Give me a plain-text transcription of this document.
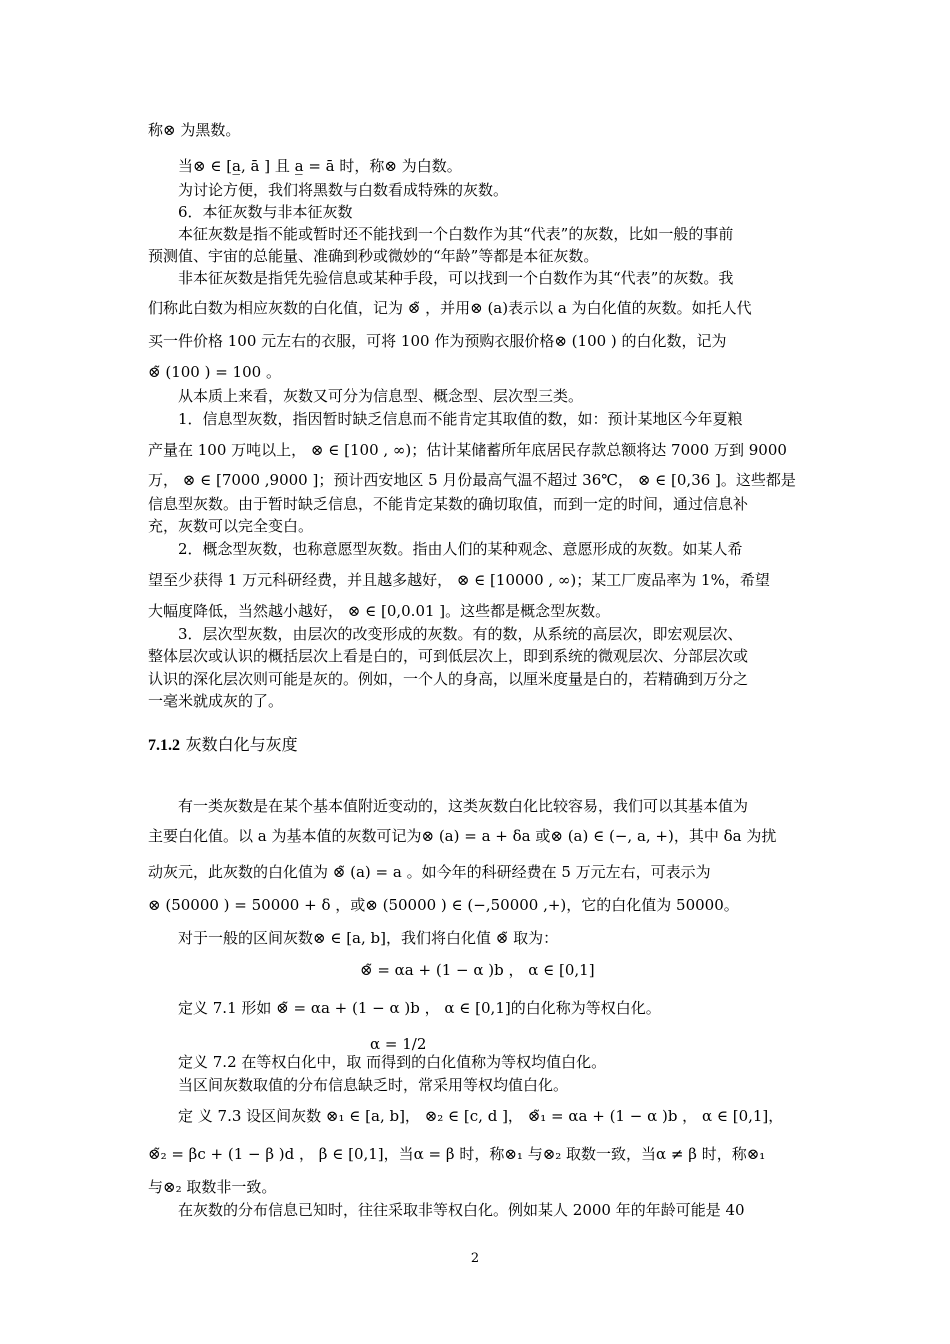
称⊗ 为黑数。
当⊗ ∈ [a̲, ā ] 且 a̲ = ā 时，称⊗ 为白数。
为讨论方便，我们将黑数与白数看成特殊的灰数。
6．本征灰数与非本征灰数
本征灰数是指不能或暂时还不能找到一个白数作为其“代表”的灰数，比如一般的事前
预测值、宇宙的总能量、准确到秒或微妙的“年龄”等都是本征灰数。
非本征灰数是指凭先验信息或某种手段，可以找到一个白数作为其“代表”的灰数。我
们称此白数为相应灰数的白化值，记为 ⊗̃ ，并用⊗ (a)表示以 a 为白化值的灰数。如托人代
买一件价格 100 元左右的衣服，可将 100 作为预购衣服价格⊗ (100 ) 的白化数，记为
⊗̃ (100 ) = 100 。
从本质上来看，灰数又可分为信息型、概念型、层次型三类。
1．信息型灰数，指因暂时缺乏信息而不能肯定其取值的数，如：预计某地区今年夏粮
产量在 100 万吨以上， ⊗ ∈ [100 , ∞)；估计某储蓄所年底居民存款总额将达 7000 万到 9000
万， ⊗ ∈ [7000 ,9000 ]；预计西安地区 5 月份最高气温不超过 36℃， ⊗ ∈ [0,36 ]。这些都是
信息型灰数。由于暂时缺乏信息，不能肯定某数的确切取值，而到一定的时间，通过信息补
充，灰数可以完全变白。
2．概念型灰数，也称意愿型灰数。指由人们的某种观念、意愿形成的灰数。如某人希
望至少获得 1 万元科研经费，并且越多越好， ⊗ ∈ [10000 , ∞)；某工厂废品率为 1%，希望
大幅度降低，当然越小越好， ⊗ ∈ [0,0.01 ]。这些都是概念型灰数。
3．层次型灰数，由层次的改变形成的灰数。有的数，从系统的高层次，即宏观层次、
整体层次或认识的概括层次上看是白的，可到低层次上，即到系统的微观层次、分部层次或
认识的深化层次则可能是灰的。例如，一个人的身高，以厘米度量是白的，若精确到万分之
一毫米就成灰的了。
7.1.2 灰数白化与灰度
有一类灰数是在某个基本值附近变动的，这类灰数白化比较容易，我们可以其基本值为
主要白化值。以 a 为基本值的灰数可记为⊗ (a) = a + δa 或⊗ (a) ∈ (−, a, +)，其中 δa 为扰
动灰元，此灰数的白化值为 ⊗̃ (a) = a 。如今年的科研经费在 5 万元左右，可表示为
⊗ (50000 ) = 50000 + δ ，或⊗ (50000 ) ∈ (−,50000 ,+)，它的白化值为 50000。
对于一般的区间灰数⊗ ∈ [a, b]，我们将白化值 ⊗̃ 取为：
⊗̃ = αa + (1 − α )b ， α ∈ [0,1]
定义 7.1 形如 ⊗̃ = αa + (1 − α )b ， α ∈ [0,1]的白化称为等权白化。
α = 1/2
定义 7.2 在等权白化中，取 而得到的白化值称为等权均值白化。
当区间灰数取值的分布信息缺乏时，常采用等权均值白化。
定 义 7.3 设区间灰数 ⊗₁ ∈ [a, b]， ⊗₂ ∈ [c, d ]， ⊗̃₁ = αa + (1 − α )b ， α ∈ [0,1]，
⊗̃₂ = βc + (1 − β )d ， β ∈ [0,1]，当α = β 时，称⊗₁ 与⊗₂ 取数一致，当α ≠ β 时，称⊗₁
与⊗₂ 取数非一致。
在灰数的分布信息已知时，往往采取非等权白化。例如某人 2000 年的年龄可能是 40
2
